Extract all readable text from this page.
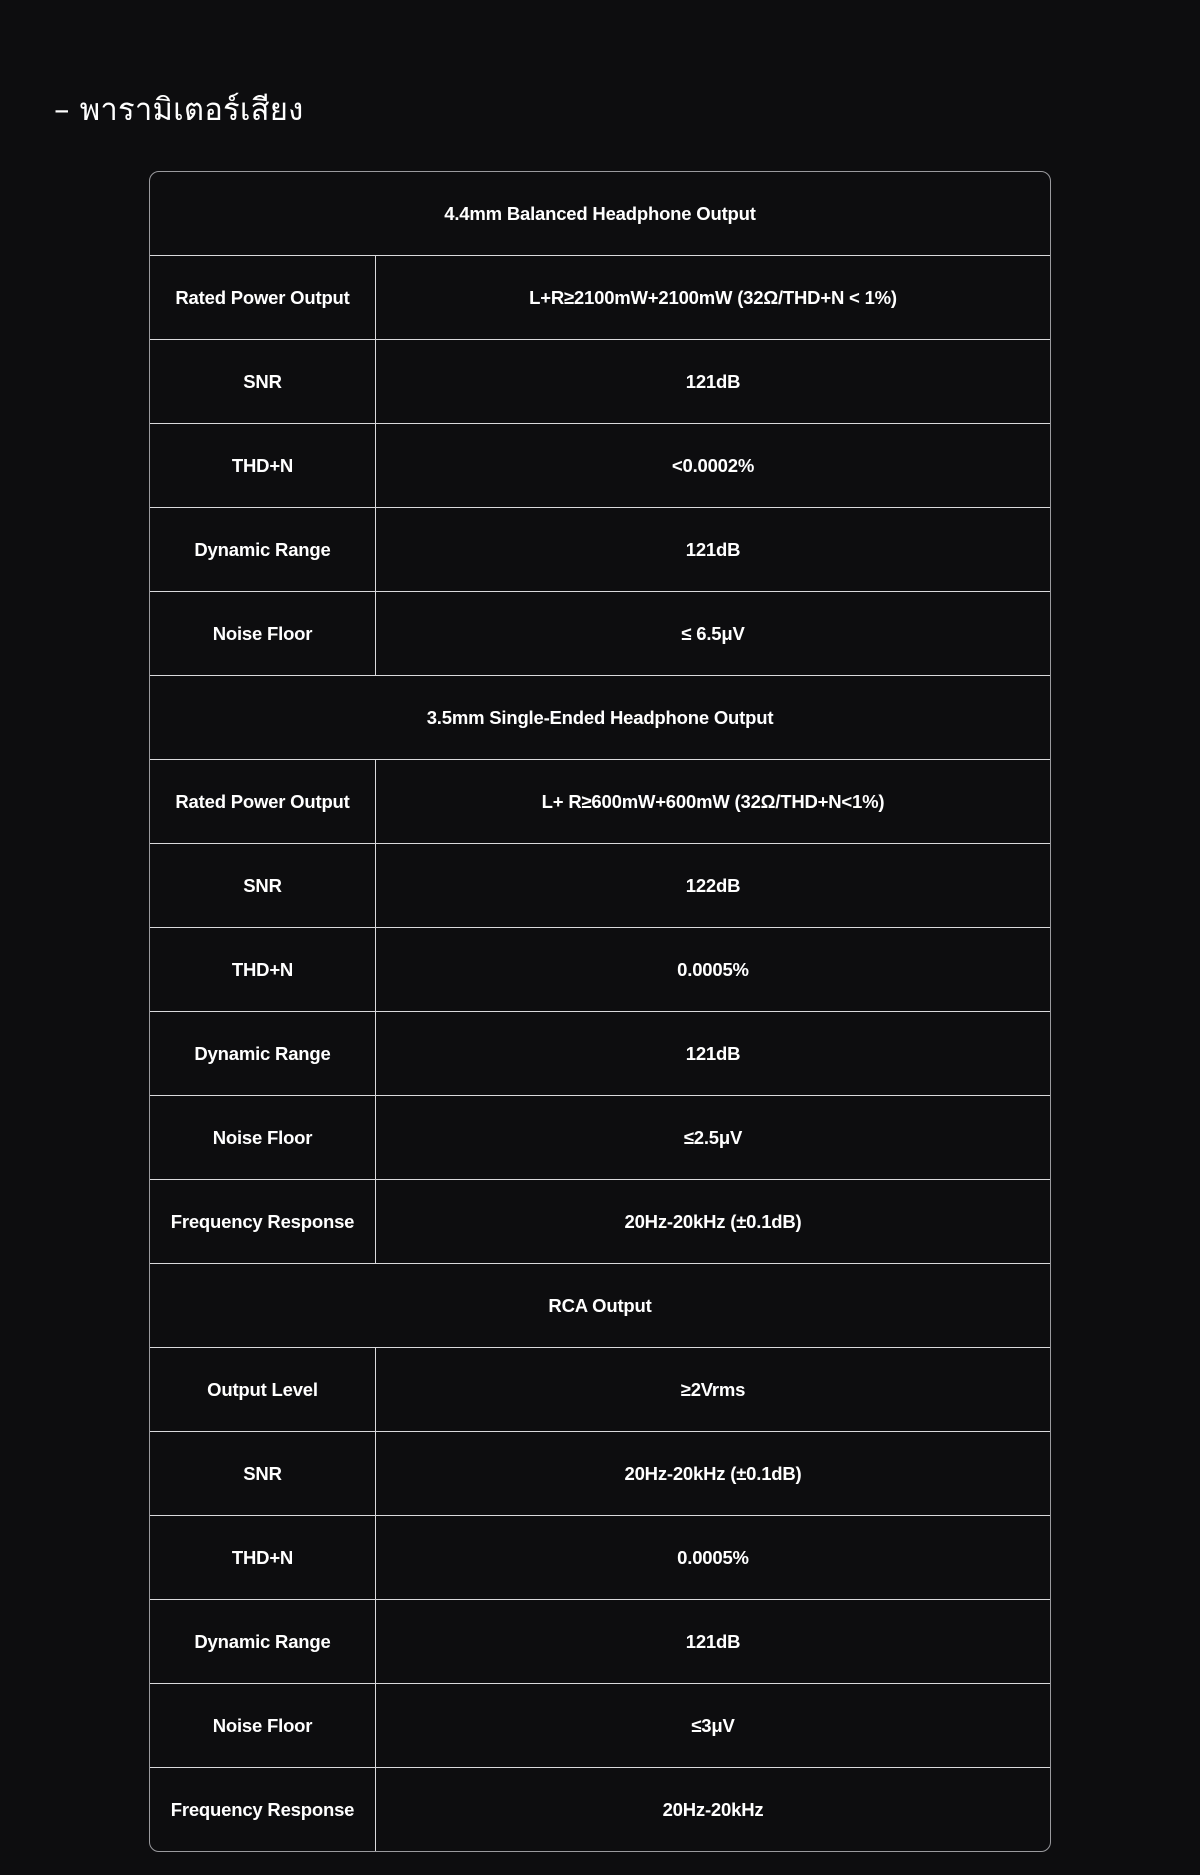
– พารามิเตอร์เสียง
4.4mm Balanced Headphone Output
Rated Power Output	L+R≥2100mW+2100mW (32Ω/THD+N < 1%)
SNR	121dB
THD+N	<0.0002%
Dynamic Range	121dB
Noise Floor	≤ 6.5μV
3.5mm Single-Ended Headphone Output
Rated Power Output	L+ R≥600mW+600mW (32Ω/THD+N<1%)
SNR	122dB
THD+N	0.0005%
Dynamic Range	121dB
Noise Floor	≤2.5μV
Frequency Response	20Hz-20kHz (±0.1dB)
RCA Output
Output Level	≥2Vrms
SNR	20Hz-20kHz (±0.1dB)
THD+N	0.0005%
Dynamic Range	121dB
Noise Floor	≤3μV
Frequency Response	20Hz-20kHz
